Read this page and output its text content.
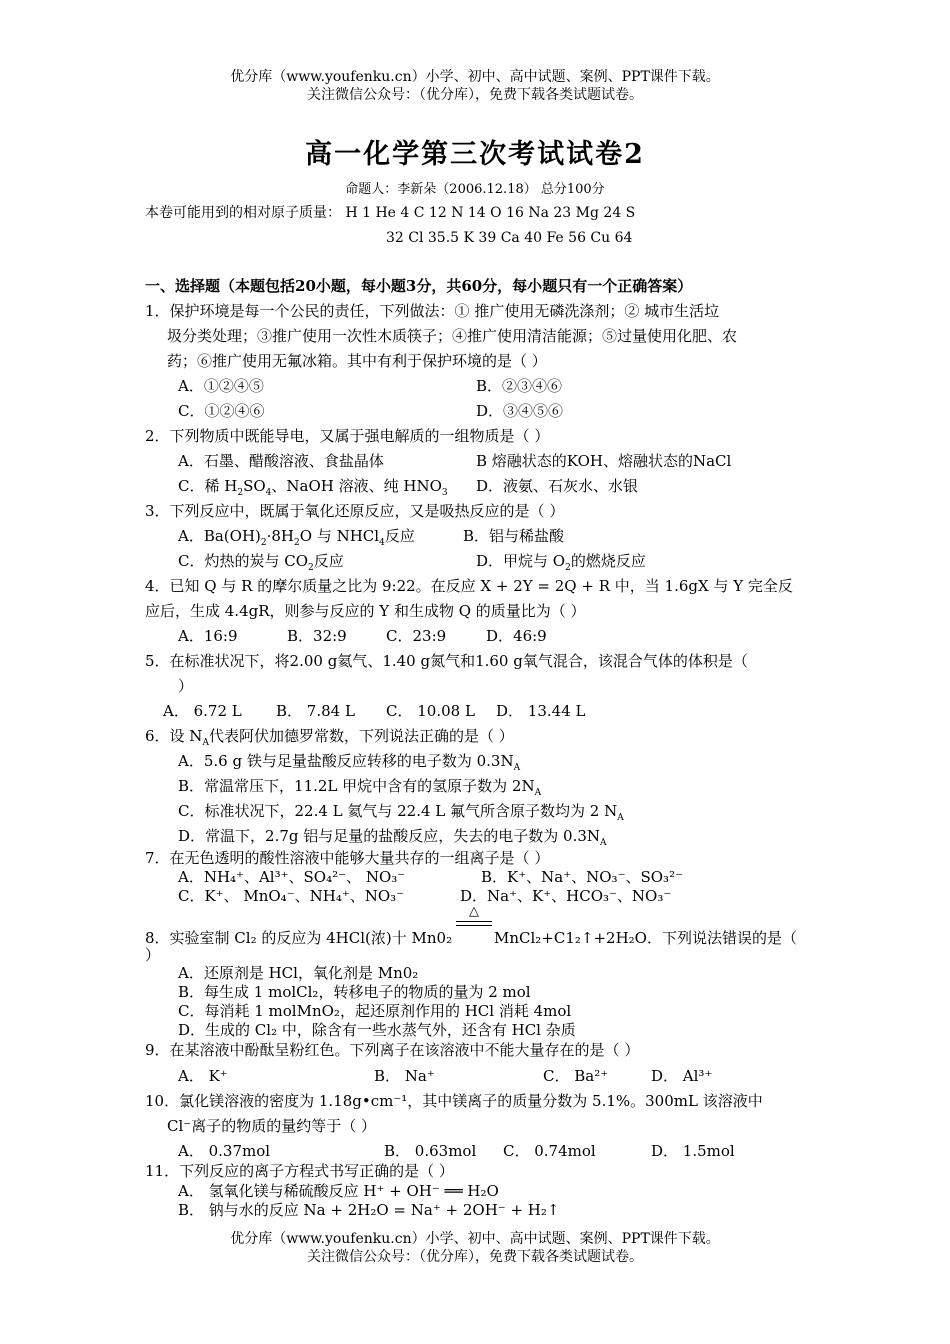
优分库（www.youfenku.cn）小学、初中、高中试题、案例、PPT课件下载。
关注微信公众号：（优分库），免费下载各类试题试卷。
高一化学第三次考试试卷2
命题人：李新朵（2006.12.18） 总分100分
本卷可能用到的相对原子质量： H 1 He 4 C 12 N 14 O 16 Na 23 Mg 24 S
32 Cl 35.5 K 39 Ca 40 Fe 56 Cu 64
一、选择题（本题包括20小题，每小题3分，共60分，每小题只有一个正确答案）
1．保护环境是每一个公民的责任，下列做法：① 推广使用无磷洗涤剂；② 城市生活垃
圾分类处理；③推广使用一次性木质筷子；④推广使用清洁能源；⑤过量使用化肥、农
药；⑥推广使用无氟冰箱。其中有利于保护环境的是（ ）
A．①②④⑤	B．②③④⑥
C．①②④⑥	D．③④⑤⑥
2．下列物质中既能导电，又属于强电解质的一组物质是（ ）
A．石墨、醋酸溶液、食盐晶体	B 熔融状态的KOH、熔融状态的NaCl
C．稀 $H_2SO_4$、NaOH 溶液、纯 $HNO_3$ D．液氨、石灰水、水银
3．下列反应中，既属于氧化还原反应，又是吸热反应的是（ ）
A．$Ba(OH)_2\cdot 8H_2O$ 与 NHCl$_4$反应	B．铝与稀盐酸
C．灼热的炭与 $CO_2$反应	D．甲烷与 $O_2$的燃烧反应
4．已知 Q 与 R 的摩尔质量之比为 9:22。在反应 X + 2Y = 2Q + R 中，当 1.6gX 与 Y 完全反
应后，生成 4.4gR，则参与反应的 Y 和生成物 Q 的质量比为（ ）
A．16:9	B．32:9	C．23:9	D．46:9
5．在标准状况下，将2.00 g氦气、1.40 g氮气和1.60 g氧气混合，该混合气体的体积是（
）
A． 6.72 L B． 7.84 L C． 10.08 L D． 13.44 L
6．设 $N_A$代表阿伏加德罗常数，下列说法正确的是（ ）
A．5.6 g 铁与足量盐酸反应转移的电子数为 $0.3N_A$
B．常温常压下，11.2L 甲烷中含有的氢原子数为 $2N_A$
C．标准状况下，22.4 L 氦气与 22.4 L 氟气所含原子数均为 2 $N_A$
D．常温下，2.7g 铝与足量的盐酸反应，失去的电子数为 $0.3N_A$
7．在无色透明的酸性溶液中能够大量共存的一组离子是（ ）
A．NH₄⁺、Al³⁺、SO₄²⁻、 NO₃⁻	B．K⁺、Na⁺、NO₃⁻、SO₃²⁻
C．K⁺、 MnO₄⁻、NH₄⁺、NO₃⁻	D．Na⁺、K⁺、HCO₃⁻、NO₃⁻
△
8．实验室制 Cl₂ 的反应为 4HCl(浓)十 Mn0₂	MnCl₂+C1₂↑+2H₂O．下列说法错误的是（
）
A．还原剂是 HCl，氧化剂是 Mn0₂
B．每生成 1 molCl₂，转移电子的物质的量为 2 mol
C．每消耗 1 molMnO₂，起还原剂作用的 HCl 消耗 4mol
D．生成的 Cl₂ 中，除含有一些水蒸气外，还含有 HCl 杂质
9．在某溶液中酚酞呈粉红色。下列离子在该溶液中不能大量存在的是（ ）
A． K⁺	B． Na⁺	C． Ba²⁺	D． Al³⁺
10．氯化镁溶液的密度为 1.18g•cm⁻¹，其中镁离子的质量分数为 5.1%。300mL 该溶液中
Cl⁻离子的物质的量约等于（ ）
A． 0.37mol	B． 0.63mol C． 0.74mol	D． 1.5mol
11．下列反应的离子方程式书写正确的是（ ）
A． 氢氧化镁与稀硫酸反应 H⁺ + OH⁻ ══ H₂O
B． 钠与水的反应 Na + 2H₂O = Na⁺ + 2OH⁻ + H₂↑
优分库（www.youfenku.cn）小学、初中、高中试题、案例、PPT课件下载。
关注微信公众号：（优分库），免费下载各类试题试卷。
